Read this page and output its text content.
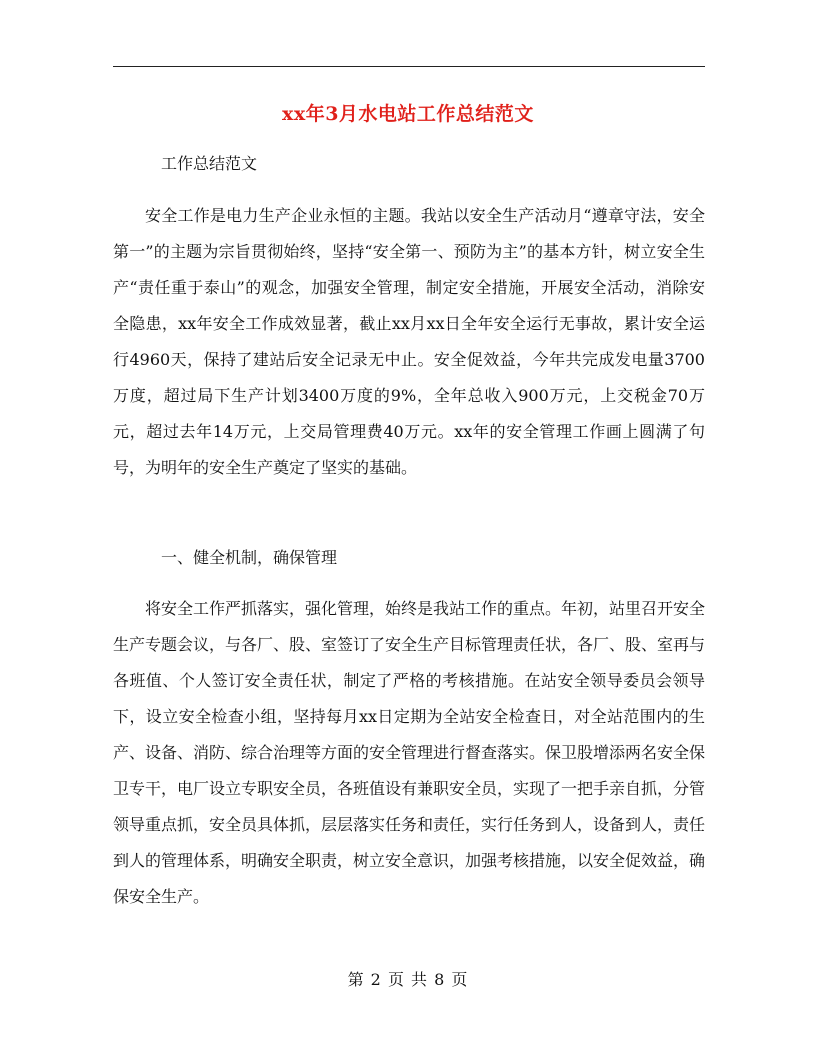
xx年3月水电站工作总结范文
工作总结范文

安全工作是电力生产企业永恒的主题。我站以安全生产活动月“遵章守法，安全第一”的主题为宗旨贯彻始终，坚持“安全第一、预防为主”的基本方针，树立安全生产“责任重于泰山”的观念，加强安全管理，制定安全措施，开展安全活动，消除安全隐患，xx年安全工作成效显著，截止xx月xx日全年安全运行无事故，累计安全运行4960天，保持了建站后安全记录无中止。安全促效益，今年共完成发电量3700万度，超过局下生产计划3400万度的9%，全年总收入900万元，上交税金70万元，超过去年14万元，上交局管理费40万元。xx年的安全管理工作画上圆满了句号，为明年的安全生产奠定了坚实的基础。

一、健全机制，确保管理

将安全工作严抓落实，强化管理，始终是我站工作的重点。年初，站里召开安全生产专题会议，与各厂、股、室签订了安全生产目标管理责任状，各厂、股、室再与各班值、个人签订安全责任状，制定了严格的考核措施。在站安全领导委员会领导下，设立安全检查小组，坚持每月xx日定期为全站安全检查日，对全站范围内的生产、设备、消防、综合治理等方面的安全管理进行督查落实。保卫股增添两名安全保卫专干，电厂设立专职安全员，各班值设有兼职安全员，实现了一把手亲自抓，分管领导重点抓，安全员具体抓，层层落实任务和责任，实行任务到人，设备到人，责任到人的管理体系，明确安全职责，树立安全意识，加强考核措施，以安全促效益，确保安全生产。

第 2 页 共 8 页
